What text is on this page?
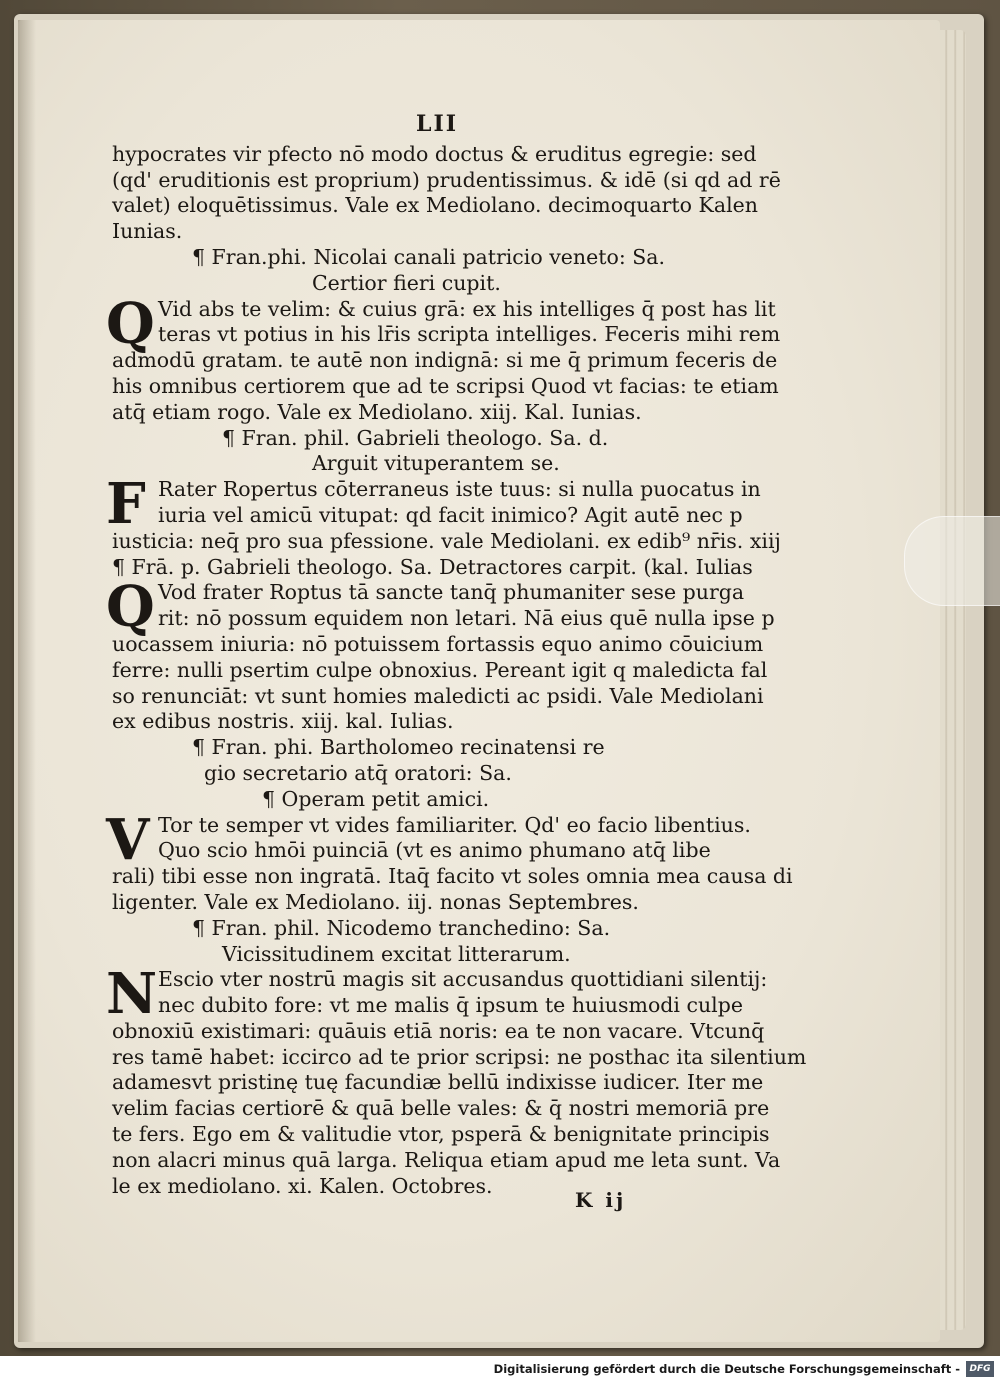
LII
hypocrates vir pfecto nō modo doctus & eruditus egregie: sed
(qd' eruditionis est proprium) prudentissimus. & idē (si qd ad rē
valet) eloquētissimus. Vale ex Mediolano. decimoquarto Kalen
Iunias.
¶ Fran.phi. Nicolai canali patricio veneto: Sa.
Certior fieri cupit.
Q Vid abs te velim: & cuius grā: ex his intelliges q̄ post has lit
teras vt potius in his lr̄is scripta intelliges. Feceris mihi rem
admodū gratam. te autē non indignā: si me q̄ primum feceris de
his omnibus certiorem que ad te scripsi Quod vt facias: te etiam
atq̄ etiam rogo. Vale ex Mediolano. xiij. Kal. Iunias.
¶ Fran. phil. Gabrieli theologo. Sa. d.
Arguit vituperantem se.
F Rater Ropertus cōterraneus iste tuus: si nulla puocatus in
iuria vel amicū vitupat: qd facit inimico? Agit autē nec p
iusticia: neq̄ pro sua pfessione. vale Mediolani. ex edib⁹ nr̄is. xiij
¶ Frā. p. Gabrieli theologo. Sa. Detractores carpit. (kal. Iulias
Q Vod frater Roptus tā sancte tanq̄ phumaniter sese purga
rit: nō possum equidem non letari. Nā eius quē nulla ipse p
uocassem iniuria: nō potuissem fortassis equo animo cōuicium
ferre: nulli psertim culpe obnoxius. Pereant igit q maledicta fal
so renunciāt: vt sunt homies maledicti ac psidi. Vale Mediolani
ex edibus nostris. xiij. kal. Iulias.
¶ Fran. phi. Bartholomeo recinatensi re
gio secretario atq̄ oratori: Sa.
¶ Operam petit amici.
V Tor te semper vt vides familiariter. Qd' eo facio libentius.
Quo scio hmōi puinciā (vt es animo phumano atq̄ libe
rali) tibi esse non ingratā. Itaq̄ facito vt soles omnia mea causa di
ligenter. Vale ex Mediolano. iij. nonas Septembres.
¶ Fran. phil. Nicodemo tranchedino: Sa.
Vicissitudinem excitat litterarum.
N Escio vter nostrū magis sit accusandus quottidiani silentij:
nec dubito fore: vt me malis q̄ ipsum te huiusmodi culpe
obnoxiū existimari: quāuis etiā noris: ea te non vacare. Vtcunq̄
res tamē habet: iccirco ad te prior scripsi: ne posthac ita silentium
adamesvt pristinę tuę facundiæ bellū indixisse iudicer. Iter me
velim facias certiorē & quā belle vales: & q̄ nostri memoriā pre
te fers. Ego em & valitudie vtor, psperā & benignitate principis
non alacri minus quā larga. Reliqua etiam apud me leta sunt. Va
le ex mediolano. xi. Kalen. Octobres.
K ij
Digitalisierung gefördert durch die Deutsche Forschungsgemeinschaft -	DFG
